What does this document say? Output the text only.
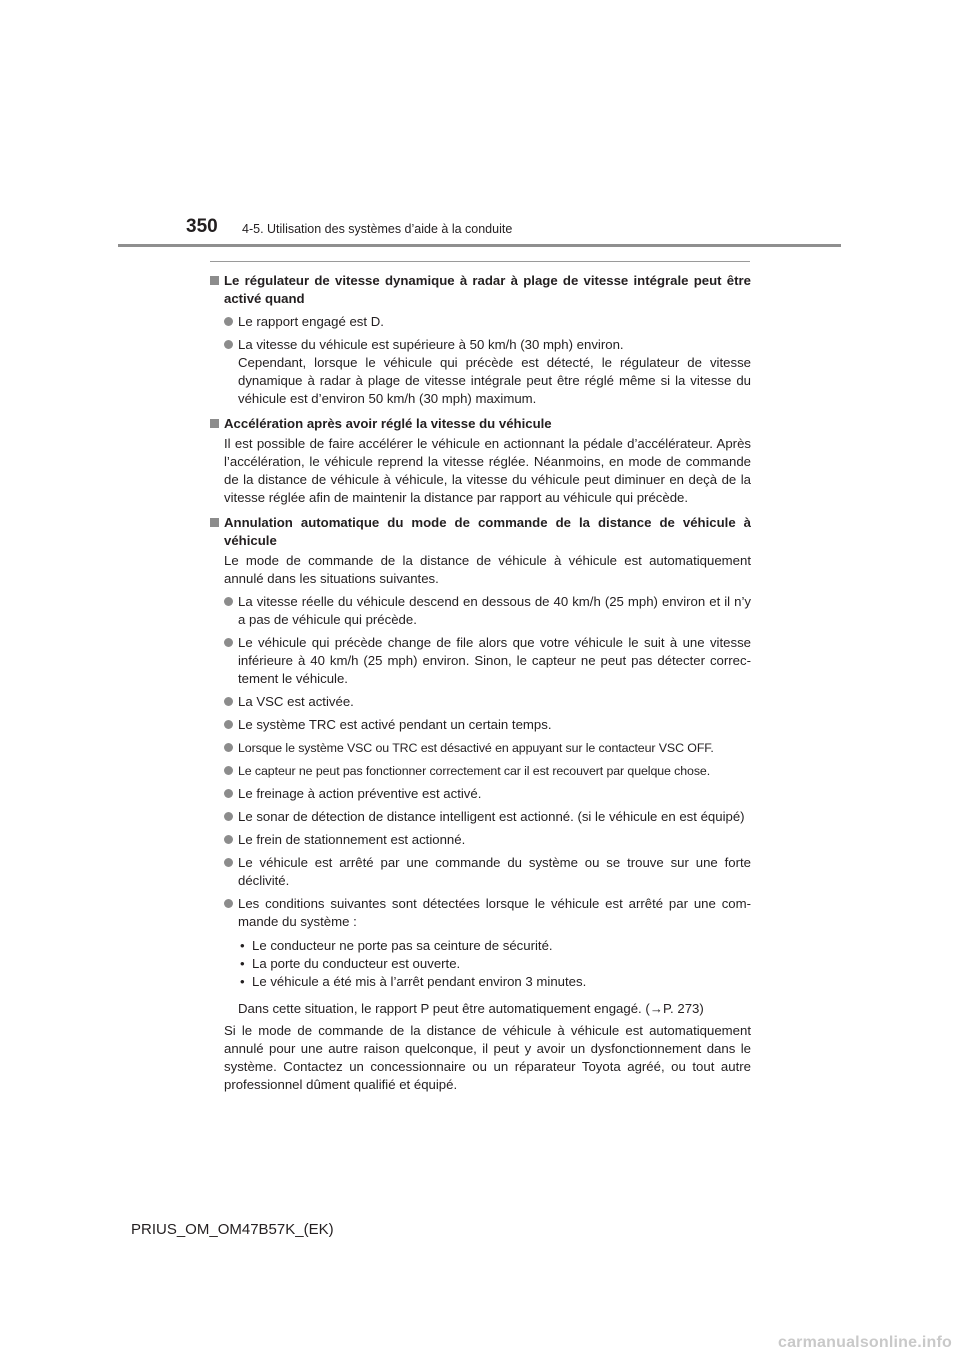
350 4-5. Utilisation des systèmes d’aide à la conduite
Le régulateur de vitesse dynamique à radar à plage de vitesse intégrale peut être activé quand
Le rapport engagé est D.
La vitesse du véhicule est supérieure à 50 km/h (30 mph) environ.
Cependant, lorsque le véhicule qui précède est détecté, le régulateur de vitesse dynamique à radar à plage de vitesse intégrale peut être réglé même si la vitesse du véhicule est d’environ 50 km/h (30 mph) maximum.
Accélération après avoir réglé la vitesse du véhicule
Il est possible de faire accélérer le véhicule en actionnant la pédale d’accélérateur. Après l’accélération, le véhicule reprend la vitesse réglée. Néanmoins, en mode de commande de la distance de véhicule à véhicule, la vitesse du véhicule peut diminuer en deçà de la vitesse réglée afin de maintenir la distance par rapport au véhicule qui précède.
Annulation automatique du mode de commande de la distance de véhicule à véhicule
Le mode de commande de la distance de véhicule à véhicule est automatiquement annulé dans les situations suivantes.
La vitesse réelle du véhicule descend en dessous de 40 km/h (25 mph) environ et il n’y a pas de véhicule qui précède.
Le véhicule qui précède change de file alors que votre véhicule le suit à une vitesse inférieure à 40 km/h (25 mph) environ. Sinon, le capteur ne peut pas détecter correc-tement le véhicule.
La VSC est activée.
Le système TRC est activé pendant un certain temps.
Lorsque le système VSC ou TRC est désactivé en appuyant sur le contacteur VSC OFF.
Le capteur ne peut pas fonctionner correctement car il est recouvert par quelque chose.
Le freinage à action préventive est activé.
Le sonar de détection de distance intelligent est actionné. (si le véhicule en est équipé)
Le frein de stationnement est actionné.
Le véhicule est arrêté par une commande du système ou se trouve sur une forte déclivité.
Les conditions suivantes sont détectées lorsque le véhicule est arrêté par une com-mande du système :
• Le conducteur ne porte pas sa ceinture de sécurité.
• La porte du conducteur est ouverte.
• Le véhicule a été mis à l’arrêt pendant environ 3 minutes.
Dans cette situation, le rapport P peut être automatiquement engagé. (→P. 273)
Si le mode de commande de la distance de véhicule à véhicule est automatiquement annulé pour une autre raison quelconque, il peut y avoir un dysfonctionnement dans le système. Contactez un concessionnaire ou un réparateur Toyota agréé, ou tout autre professionnel dûment qualifié et équipé.
PRIUS_OM_OM47B57K_(EK)
carmanualsonline.info
